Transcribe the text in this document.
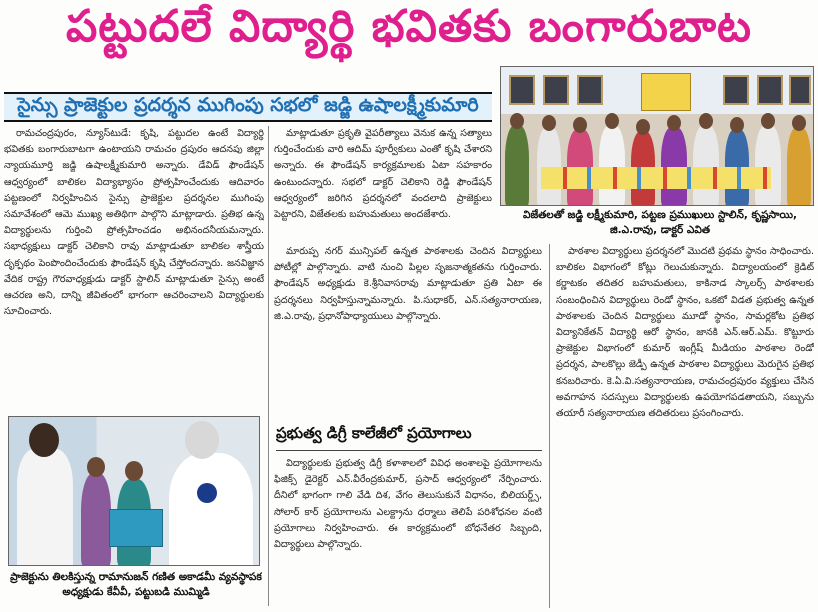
పట్టుదలే విద్యార్థి భవితకు బంగారుబాట
విజేతలతో జడ్జి లక్ష్మీకుమారి, పట్టణ ప్రముఖులు స్టాలిన్, కృష్ణసాయి, జి.ఎ.రావు, డాక్టర్ ఎవిత
సైన్సు ప్రాజెక్టుల ప్రదర్శన ముగింపు సభలో జడ్జి ఉషాలక్ష్మీకుమారి

రామచంద్రపురం, న్యూస్‌టుడే: కృషి, పట్టుదల ఉంటే విద్యార్థి భవితకు బంగారుబాటగా ఉంటాయని రామచం ద్రపురం ఆదనపు జిల్లా న్యాయమూర్తి జడ్జి ఉషాలక్ష్మీకుమారి అన్నారు. డేవిడ్ ఫౌండేషన్ ఆధ్వర్యంలో బాలికల విద్యాభ్యాసం ప్రోత్సహించేందుకు ఆదివారం పట్టణంలో నిర్వహించిన సైన్సు ప్రాజెక్టుల ప్రదర్శనల ముగింపు సమావేశంలో ఆమె ముఖ్య అతిథిగా పాల్గొని మాట్లాడారు. ప్రతిభ ఉన్న విద్యార్థులను గుర్తించి ప్రోత్సహించడం అభినందనీయమన్నారు. సభాధ్యక్షులు డాక్టర్ చెలికాని రావు మాట్లాడుతూ బాలికల శాస్త్రీయ దృక్పథం పెంపొందించేందుకు ఫౌండేషన్ కృషి చేస్తోందన్నారు. జనవిజ్ఞాన వేదిక రాష్ట్ర గౌరవాధ్యక్షుడు డాక్టర్ స్టాలిన్ మాట్లాడుతూ సైన్సు అంటే ఆచరణ అని, దాన్ని జీవితంలో భాగంగా ఆచరించాలని విద్యార్థులకు సూచించారు.

మాట్లాడుతూ ప్రకృతి వైపరీత్యాలు వెనుక ఉన్న సత్యాలు గుర్తించేందుకు వారి ఆదిమ్ పూర్వీకులు ఎంతో కృషి చేశారని అన్నారు. ఈ ఫౌండేషన్ కార్యక్రమాలకు ఏటా సహకారం ఉంటుందన్నారు. సభలో డాక్టర్ చెలికాని రెడ్డి ఫౌండేషన్ ఆధ్వర్యంలో జరిగిన ప్రదర్శనలో వందలాది ప్రాజెక్టులు పెట్టారని, విజేతలకు బహుమతులు అందజేశారు.

మారుప్ప నగర్ మున్సిపల్ ఉన్నత పాఠశాలకు చెందిన విద్యార్థులు పోటీల్లో పాల్గొన్నారు. వాటి నుంచి పిల్లల సృజనాత్మకతను గుర్తించారు. ఫౌండేషన్ అధ్యక్షుడు కె.శ్రీనివాసరావు మాట్లాడుతూ ప్రతి ఏటా ఈ ప్రదర్శనలు నిర్వహిస్తున్నామన్నారు. పి.సుధాకర్, ఎన్.సత్యనారాయణ, జి.ఎ.రావు, ప్రధానోపాధ్యాయులు పాల్గొన్నారు.

ప్రభుత్వ డిగ్రీ కాలేజీలో ప్రయోగాలు

విద్యార్థులకు ప్రభుత్వ డిగ్రీ కళాశాలలో వివిధ అంశాలపై ప్రయోగాలను ఫిజిక్స్ డైరెక్టర్ ఎన్.వీరేంద్రకుమార్, ప్రసాద్ ఆధ్వర్యంలో నేర్పించారు. దీనిలో భాగంగా గాలి వేడి దిశ, వేగం తెలుసుకునే విధానం, బిలియర్డ్స్, సోలార్ కార్ ప్రయోగాలను ఎలక్ట్రాను ధర్మాలు తెలిపే పరిశోధనల వంటి ప్రయోగాలు నిర్వహించారు. ఈ కార్యక్రమంలో బోధనేతర సిబ్బంది, విద్యార్థులు పాల్గొన్నారు.

పాఠశాల విద్యార్థులు ప్రదర్శనలో మొదటి ప్రథమ స్థానం సాధించారు. బాలికల విభాగంలో కోట్లు గెలుచుకున్నారు. విద్యాలయంలో క్రెడిట్ కర్ణాటకం తదితర బహుమతులు, కాకినాడ స్కాలర్స్ పాఠశాలకు సంబంధించిన విద్యార్థులు రెండో స్థానం, ఒకటో విడత ప్రభుత్వ ఉన్నత పాఠశాలకు చెందిన విద్యార్థులు మూడో స్థానం, సామర్లకోట ప్రతిభ విద్యానికేతన్ విద్యార్థి ఆరో స్థానం, జానకి ఎన్.ఆర్.ఎమ్. కొట్టూరు ప్రాజెక్టుల విభాగంలో కుమార్ ఇంగ్లీష్ మీడియం పాఠశాల రెండో ప్రదర్శన, పాలకొల్లు జెడ్పీ ఉన్నత పాఠశాల విద్యార్థులు మెరుగైన ప్రతిభ కనబరిచారు. కె.ఏ.వి.సత్యనారాయణ, రామచంద్రపురం వ్యక్తులు చేసిన అవగాహన సదస్సులు విద్యార్థులకు ఉపయోగపడతాయని, సబ్బును తయారీ సత్యనారాయణ తదితరులు ప్రసంగించారు.

ప్రాజెక్టును తిలకిస్తున్న రామానుజన్ గణిత అకాడమీ వ్యవస్థాపక అధ్యక్షుడు కేవీవీ, పట్టుబడి ముమ్మిడి
